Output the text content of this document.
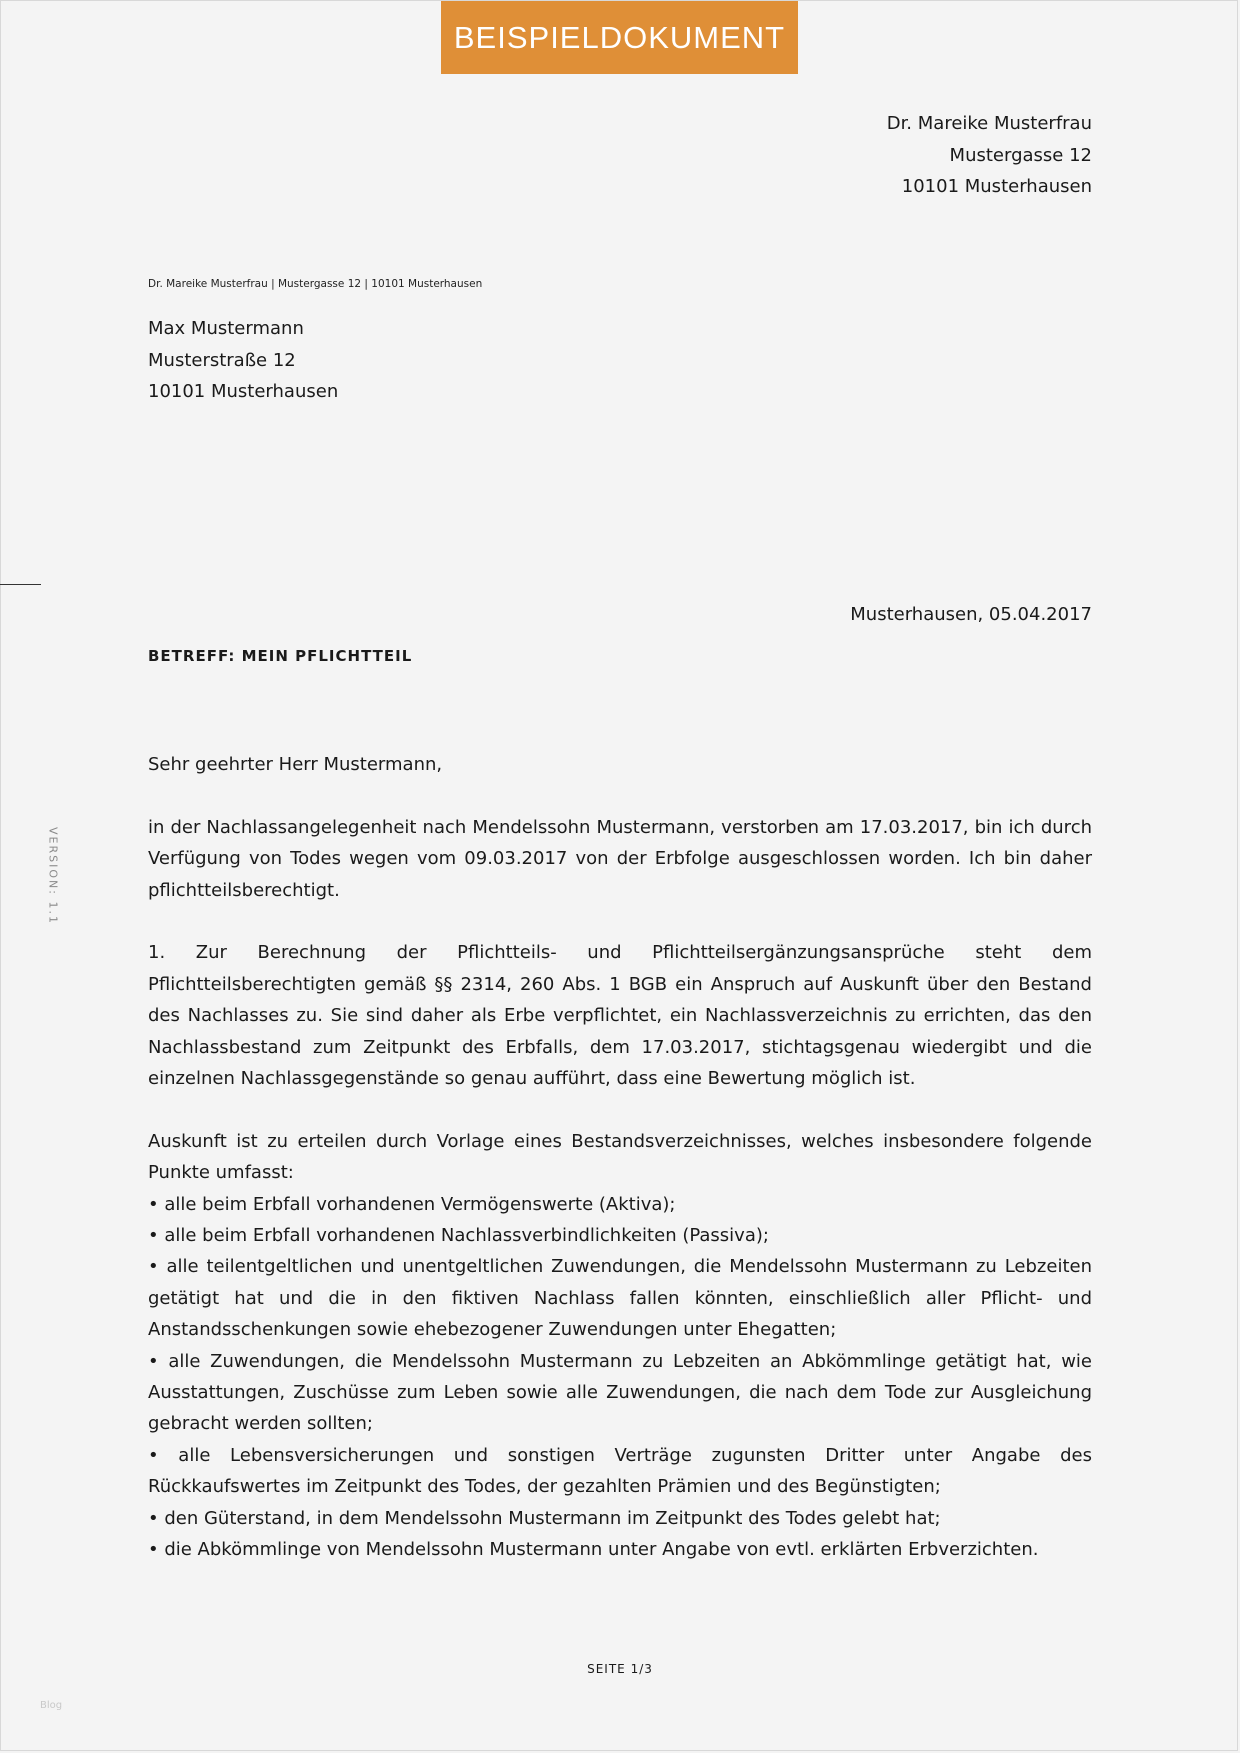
BEISPIELDOKUMENT
Dr. Mareike Musterfrau
Mustergasse 12
10101 Musterhausen
Dr. Mareike Musterfrau | Mustergasse 12 | 10101 Musterhausen
Max Mustermann
Musterstraße 12
10101 Musterhausen
VERSION: 1.1
Musterhausen, 05.04.2017
BETREFF: MEIN PFLICHTTEIL

Sehr geehrter Herr Mustermann,

in der Nachlassangelegenheit nach Mendelssohn Mustermann, verstorben am 17.03.2017, bin ich durch Verfügung von Todes wegen vom 09.03.2017 von der Erbfolge ausgeschlossen worden. Ich bin daher pflichtteilsberechtigt.

1. Zur Berechnung der Pflichtteils- und Pflichtteilsergänzungsansprüche steht dem Pflichtteilsberechtigten gemäß §§ 2314, 260 Abs. 1 BGB ein Anspruch auf Auskunft über den Bestand des Nachlasses zu. Sie sind daher als Erbe verpflichtet, ein Nachlassverzeichnis zu errichten, das den Nachlassbestand zum Zeitpunkt des Erbfalls, dem 17.03.2017, stichtagsgenau wiedergibt und die einzelnen Nachlassgegenstände so genau aufführt, dass eine Bewertung möglich ist.

Auskunft ist zu erteilen durch Vorlage eines Bestandsverzeichnisses, welches insbesondere folgende Punkte umfasst:

• alle beim Erbfall vorhandenen Vermögenswerte (Aktiva);

• alle beim Erbfall vorhandenen Nachlassverbindlichkeiten (Passiva);

• alle teilentgeltlichen und unentgeltlichen Zuwendungen, die Mendelssohn Mustermann zu Lebzeiten getätigt hat und die in den fiktiven Nachlass fallen könnten, einschließlich aller Pflicht- und Anstandsschenkungen sowie ehebezogener Zuwendungen unter Ehegatten;

• alle Zuwendungen, die Mendelssohn Mustermann zu Lebzeiten an Abkömmlinge getätigt hat, wie Ausstattungen, Zuschüsse zum Leben sowie alle Zuwendungen, die nach dem Tode zur Ausgleichung gebracht werden sollten;

• alle Lebensversicherungen und sonstigen Verträge zugunsten Dritter unter Angabe des Rückkaufswertes im Zeitpunkt des Todes, der gezahlten Prämien und des Begünstigten;

• den Güterstand, in dem Mendelssohn Mustermann im Zeitpunkt des Todes gelebt hat;

• die Abkömmlinge von Mendelssohn Mustermann unter Angabe von evtl. erklärten Erbverzichten.

SEITE 1/3
Blog
